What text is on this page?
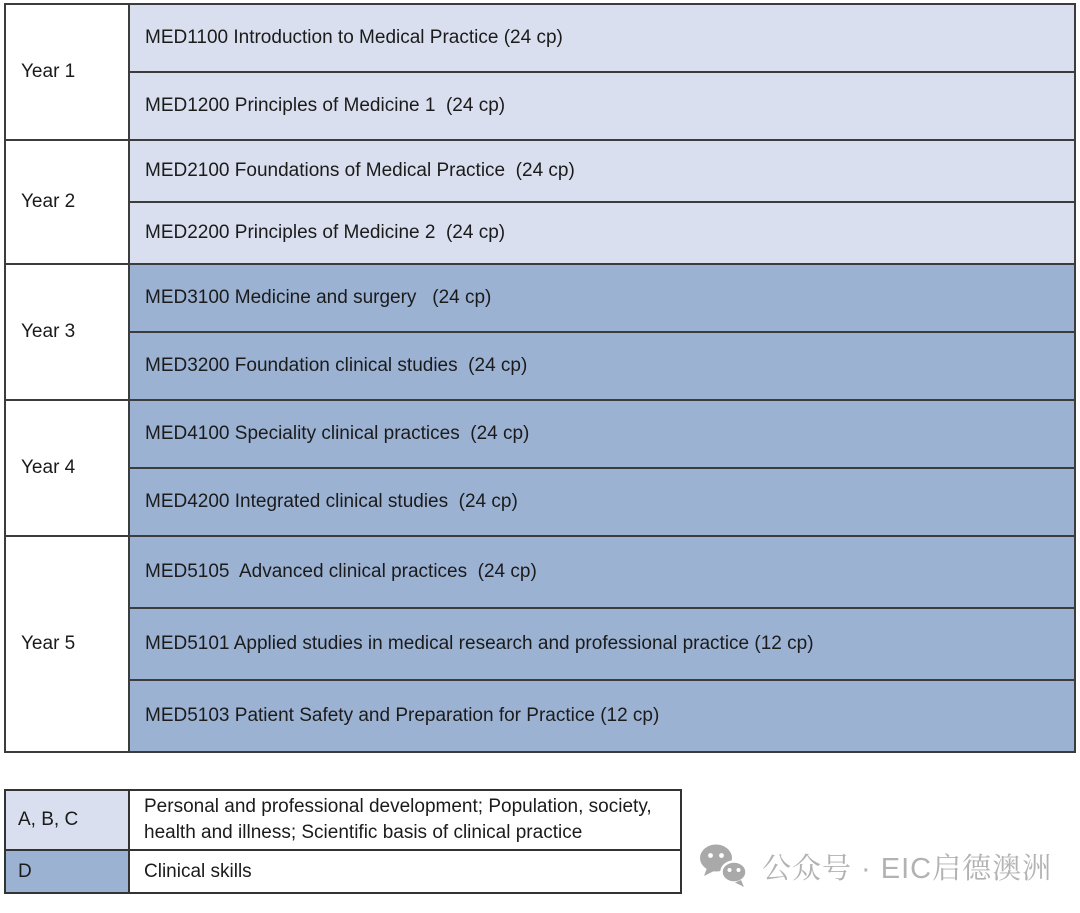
Year 1	MED1100 Introduction to Medical Practice (24 cp)
	MED1200 Principles of Medicine 1  (24 cp)
Year 2	MED2100 Foundations of Medical Practice  (24 cp)
	MED2200 Principles of Medicine 2  (24 cp)
Year 3	MED3100 Medicine and surgery   (24 cp)
	MED3200 Foundation clinical studies  (24 cp)
Year 4	MED4100 Speciality clinical practices  (24 cp)
	MED4200 Integrated clinical studies  (24 cp)
Year 5	MED5105  Advanced clinical practices  (24 cp)
	MED5101 Applied studies in medical research and professional practice (12 cp)
	MED5103 Patient Safety and Preparation for Practice (12 cp)
A, B, C	Personal and professional development; Population, society, health and illness; Scientific basis of clinical practice
D	Clinical skills	公众号 · EIC启德澳洲
